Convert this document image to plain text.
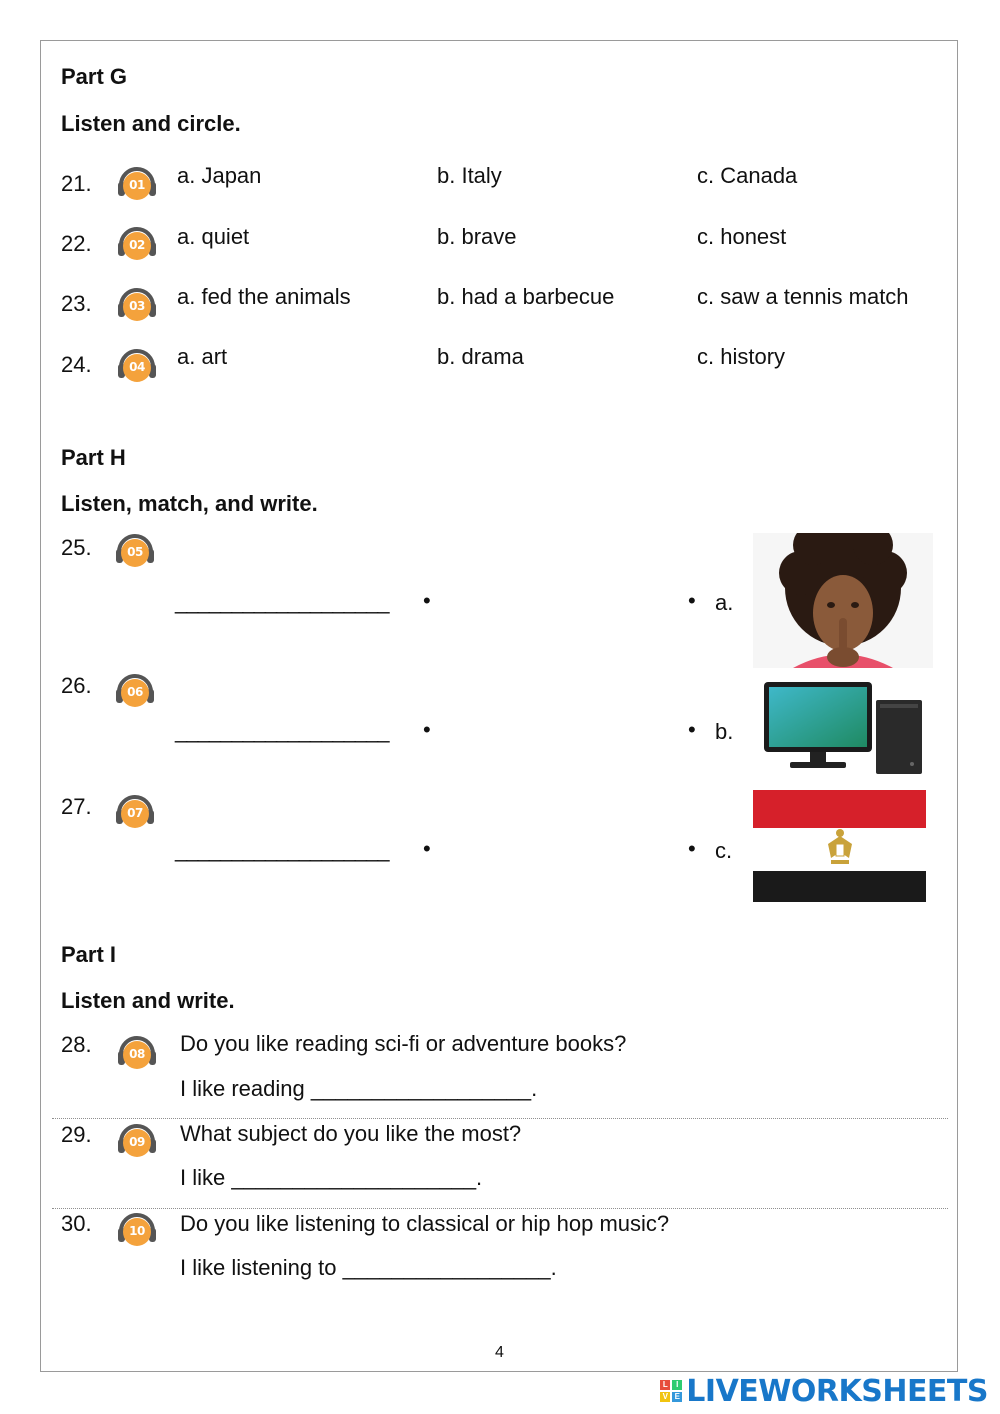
Part G
Listen and circle.
21.	01	a. Japan	b. Italy	c. Canada
22.	02	a. quiet	b. brave	c. honest
23.	03	a. fed the animals	b. had a barbecue	c. saw a tennis match
24.	04	a. art	b. drama	c. history
Part H
Listen, match, and write.
25.	05
___________________ •	• a.
26.	06
___________________ •	• b.
27.	07
___________________ •	• c.
Part I
Listen and write.
28.	08	Do you like reading sci-fi or adventure books?
I like reading __________________.
29.	09	What subject do you like the most?
I like ____________________.
30.	10	Do you like listening to classical or hip hop music?
I like listening to _________________.
4
L	I
V E LIVEWORKSHEETS
